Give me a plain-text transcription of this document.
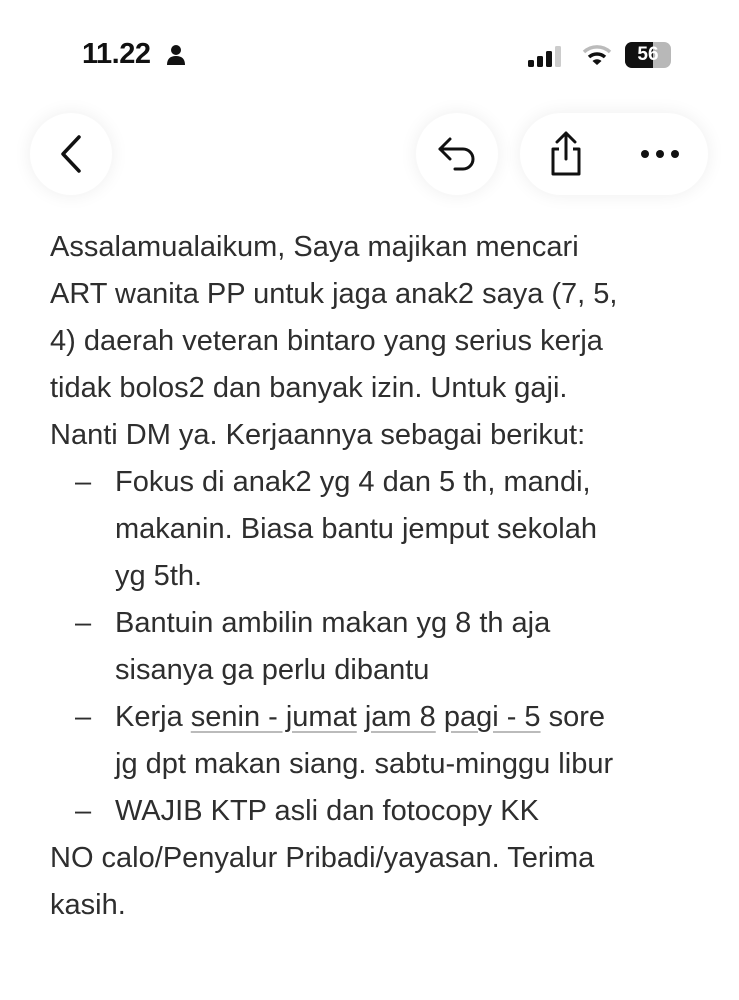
11.22	56
Assalamualaikum, Saya majikan mencari
ART wanita PP untuk jaga anak2 saya (7, 5,
4) daerah veteran bintaro yang serius kerja
tidak bolos2 dan banyak izin. Untuk gaji.
Nanti DM ya. Kerjaannya sebagai berikut:
– Fokus di anak2 yg 4 dan 5 th, mandi,
makanin. Biasa bantu jemput sekolah
yg 5th.
– Bantuin ambilin makan yg 8 th aja
sisanya ga perlu dibantu
– Kerja senin - jumat jam 8 pagi - 5 sore
jg dpt makan siang. sabtu-minggu libur
– WAJIB KTP asli dan fotocopy KK
NO calo/Penyalur Pribadi/yayasan. Terima
kasih.
